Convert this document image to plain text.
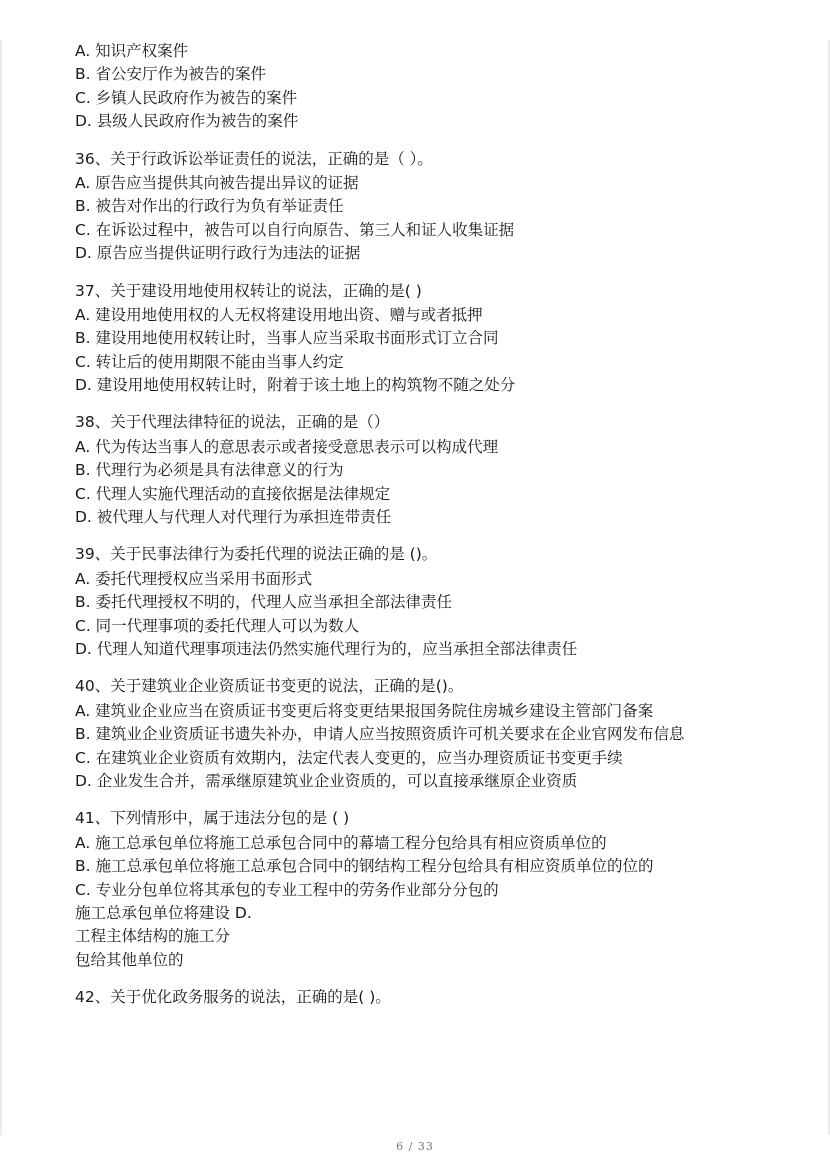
A. 知识产权案件
B. 省公安厅作为被告的案件
C. 乡镇人民政府作为被告的案件
D. 县级人民政府作为被告的案件
36、关于行政诉讼举证责任的说法，正确的是（ ）。
A. 原告应当提供其向被告提出异议的证据
B. 被告对作出的行政行为负有举证责任
C. 在诉讼过程中，被告可以自行向原告、第三人和证人收集证据
D. 原告应当提供证明行政行为违法的证据
37、关于建设用地使用权转让的说法，正确的是( )
A. 建设用地使用权的人无权将建设用地出资、赠与或者抵押
B. 建设用地使用权转让时，当事人应当采取书面形式订立合同
C. 转让后的使用期限不能由当事人约定
D. 建设用地使用权转让时，附着于该土地上的构筑物不随之处分
38、关于代理法律特征的说法，正确的是（）
A. 代为传达当事人的意思表示或者接受意思表示可以构成代理
B. 代理行为必须是具有法律意义的行为
C. 代理人实施代理活动的直接依据是法律规定
D. 被代理人与代理人对代理行为承担连带责任
39、关于民事法律行为委托代理的说法正确的是 ()。
A. 委托代理授权应当采用书面形式
B. 委托代理授权不明的，代理人应当承担全部法律责任
C. 同一代理事项的委托代理人可以为数人
D. 代理人知道代理事项违法仍然实施代理行为的，应当承担全部法律责任
40、关于建筑业企业资质证书变更的说法，正确的是()。
A. 建筑业企业应当在资质证书变更后将变更结果报国务院住房城乡建设主管部门备案
B. 建筑业企业资质证书遗失补办，申请人应当按照资质许可机关要求在企业官网发布信息
C. 在建筑业企业资质有效期内，法定代表人变更的，应当办理资质证书变更手续
D. 企业发生合并，需承继原建筑业企业资质的，可以直接承继原企业资质
41、下列情形中，属于违法分包的是 ( )
A. 施工总承包单位将施工总承包合同中的幕墙工程分包给具有相应资质单位的
B. 施工总承包单位将施工总承包合同中的钢结构工程分包给具有相应资质单位的位的
C. 专业分包单位将其承包的专业工程中的劳务作业部分分包的
施工总承包单位将建设 D.
工程主体结构的施工分
包给其他单位的
42、关于优化政务服务的说法，正确的是( )。
6 / 33
